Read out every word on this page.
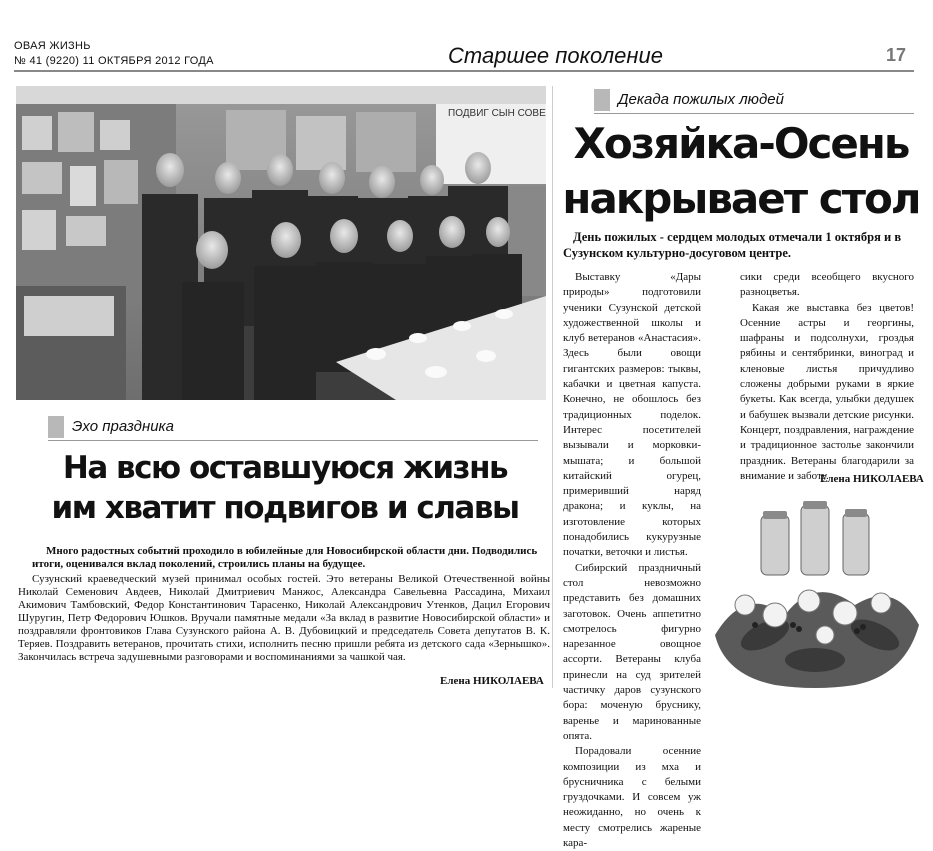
ОВАЯ ЖИЗНЬ
№ 41 (9220) 11 ОКТЯБРЯ 2012 ГОДА	Старшее поколение	17
ПОДВИГ СЫН СОВЕ
Эхо праздника
На всю оставшуюся жизнь
им хватит подвигов и славы
Много радостных событий проходило в юбилейные для Новосибирской области дни. Подводились итоги, оценивался вклад поколений, строились планы на будущее.

Сузунский краеведческий музей принимал особых гостей. Это ветераны Великой Отечественной войны Николай Семенович Авдеев, Николай Дмитриевич Манжос, Александра Савельевна Рассадина, Михаил Акимович Тамбовский, Федор Константинович Тарасенко, Николай Александрович Утенков, Дацил Егорович Шуругин, Петр Федорович Юшков. Вручали памятные медали «За вклад в развитие Новосибирской области» и поздравляли фронтовиков Глава Сузунского района А. В. Дубовицкий и председатель Совета депутатов В. К. Теряев. Поздравить ветеранов, прочитать стихи, исполнить песню пришли ребята из детского сада «Зернышко». Закончилась встреча задушевными разговорами и воспоминаниями за чашкой чая.

Елена НИКОЛАЕВА
Декада пожилых людей
Хозяйка-Осень
накрывает стол
День пожилых - сердцем молодых отмечали 1 октября и в Сузунском культурно-досуговом центре.

Выставку «Дары природы» подготовили ученики Сузунской детской художественной школы и клуб ветеранов «Анастасия». Здесь были овощи гигантских размеров: тыквы, кабачки и цветная капуста. Конечно, не обошлось без традиционных поделок. Интерес посетителей вызывали и морковки-мышата; и большой китайский огурец, примеривший наряд дракона; и куклы, на изготовление которых понадобились кукурузные початки, веточки и листья.

Сибирский праздничный стол невозможно представить без домашних заготовок. Очень аппетитно смотрелось фигурно нарезанное овощное ассорти. Ветераны клуба принесли на суд зрителей частичку даров сузунского бора: моченую бруснику, варенье и маринованные опята.

Порадовали осенние композиции из мха и брусничника с белыми груздочками. И совсем уж неожиданно, но очень к месту смотрелись жареные кара-

сики среди всеобщего вкусного разноцветья.

Какая же выставка без цветов! Осенние астры и георгины, шафраны и подсолнухи, гроздья рябины и сентябринки, виноград и кленовые листья причудливо сложены добрыми руками в яркие букеты. Как всегда, улыбки дедушек и бабушек вызвали детские рисунки. Концерт, поздравления, награждение и традиционное застолье закончили праздник. Ветераны благодарили за внимание и заботу.

Елена НИКОЛАЕВА
